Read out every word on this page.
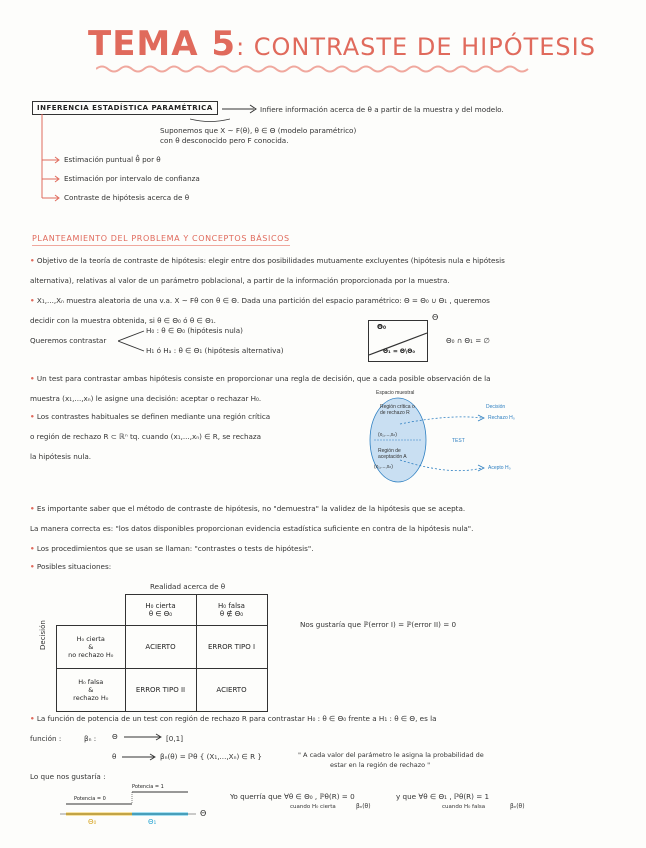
TEMA 5: CONTRASTE DE HIPÓTESIS
INFERENCIA ESTADÍSTICA PARAMÉTRICA	Infiere información acerca de θ a partir de la muestra y del modelo.
Suponemos que X ~ F(θ), θ ∈ Θ (modelo paramétrico)
con θ desconocido pero F conocida.
Estimación puntual θ̂ por θ
Estimación por intervalo de confianza
Contraste de hipótesis acerca de θ
PLANTEAMIENTO DEL PROBLEMA Y CONCEPTOS BÁSICOS
• Objetivo de la teoría de contraste de hipótesis: elegir entre dos posibilidades mutuamente excluyentes (hipótesis nula e hipótesis
alternativa), relativas al valor de un parámetro poblacional, a partir de la información proporcionada por la muestra.
• X₁,...,Xₙ muestra aleatoria de una v.a. X ~ Fθ con θ ∈ Θ. Dada una partición del espacio paramétrico: Θ = Θ₀ ∪ Θ₁ , queremos
decidir con la muestra obtenida, si θ ∈ Θ₀ ó θ ∈ Θ₁.
Queremos contrastar
H₀ : θ ∈ Θ₀ (hipótesis nula)
H₁ ó Hₐ : θ ∈ Θ₁ (hipótesis alternativa)
Θ₀
Θ₁ = Θ\Θ₀
Θ
Θ₀ ∩ Θ₁ = ∅
• Un test para contrastar ambas hipótesis consiste en proporcionar una regla de decisión, que a cada posible observación de la
muestra (x₁,...,xₙ) le asigne una decisión: aceptar o rechazar H₀.
• Los contrastes habituales se definen mediante una región crítica
o región de rechazo R ⊂ ℝⁿ tq. cuando (x₁,...,xₙ) ∈ R, se rechaza
la hipótesis nula.
Espacio muestral
Decisión
Región crítica o de rechazo R
(x₁,...,xₙ)
TEST
Región de aceptación A
(x₁,...,xₙ)
Rechazo H₀
Acepto H₀
• Es importante saber que el método de contraste de hipótesis, no "demuestra" la validez de la hipótesis que se acepta.
La manera correcta es: "los datos disponibles proporcionan evidencia estadística suficiente en contra de la hipótesis nula".
• Los procedimientos que se usan se llaman: "contrastes o tests de hipótesis".
• Posibles situaciones:
Realidad acerca de θ
Decisión
	H₀ cierta
θ ∈ Θ₀	H₀ falsa
θ ∉ Θ₀
H₀ cierta
&
no rechazo H₀	ACIERTO	ERROR TIPO I
H₀ falsa
&
rechazo H₀	ERROR TIPO II	ACIERTO
Nos gustaría que ℙ(error I) = ℙ(error II) = 0
• La función de potencia de un test con región de rechazo R para contrastar H₀ : θ ∈ Θ₀ frente a H₁ : θ ∈ Θ, es la
función :	βₙ : Θ	[0,1]
θ	βₙ(θ) = ℙθ { (X₁,...,Xₙ) ∈ R }	" A cada valor del parámetro le asigna la probabilidad de
estar en la región de rechazo "
Lo que nos gustaría :
Potencia = 1
Potencia = 0
Θ₀	Θ₁
Θ
Yo querría que ∀θ ∈ Θ₀ , ℙθ(R) = 0
cuando H₀ cierta	βₙ(θ)
y que ∀θ ∈ Θ₁ , ℙθ(R) = 1
cuando H₀ falsa	βₙ(θ)
